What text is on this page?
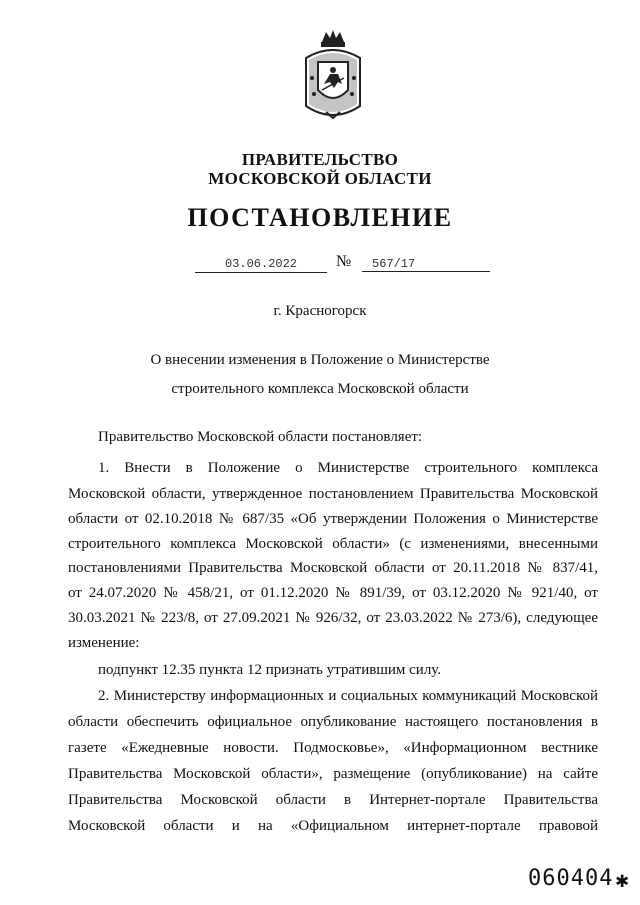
ПРАВИТЕЛЬСТВО
МОСКОВСКОЙ ОБЛАСТИ
ПОСТАНОВЛЕНИЕ
03.06.2022	№	567/17
г. Красногорск
О внесении изменения в Положение о Министерстве
строительного комплекса Московской области
Правительство Московской области постановляет:
1. Внести в Положение о Министерстве строительного комплекса
Московской области, утвержденное постановлением Правительства Московской
области от 02.10.2018 № 687/35 «Об утверждении Положения о Министерстве
строительного комплекса Московской области» (с изменениями, внесенными
постановлениями Правительства Московской области от 20.11.2018 № 837/41,
от 24.07.2020 № 458/21, от 01.12.2020 № 891/39, от 03.12.2020 № 921/40, от
30.03.2021 № 223/8, от 27.09.2021 № 926/32, от 23.03.2022 № 273/6), следующее
изменение:
подпункт 12.35 пункта 12 признать утратившим силу.
2. Министерству информационных и социальных коммуникаций Московской
области обеспечить официальное опубликование настоящего постановления в
газете «Ежедневные новости. Подмосковье», «Информационном вестнике
Правительства Московской области», размещение (опубликование) на сайте
Правительства Московской области в Интернет-портале Правительства
Московской области и на «Официальном интернет-портале правовой
060404✱
